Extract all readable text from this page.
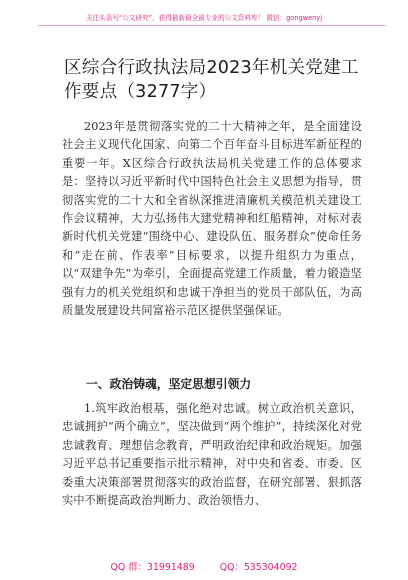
关注头条号“公文研究”，获得最新最全最专业的公文资料库！ 微信：gongwenyj
区综合行政执法局2023年机关党建工作要点（3277字）
2023年是贯彻落实党的二十大精神之年，是全面建设社会主义现代化国家、向第二个百年奋斗目标进军新征程的重要一年。X区综合行政执法局机关党建工作的总体要求是：坚持以习近平新时代中国特色社会主义思想为指导，贯彻落实党的二十大和全省纵深推进清廉机关模范机关建设工作会议精神，大力弘扬伟大建党精神和红船精神，对标对表新时代机关党建“围绕中心、建设队伍、服务群众”使命任务和“走在前、作表率”目标要求，以提升组织力为重点，以“双建争先”为牵引，全面提高党建工作质量，着力锻造坚强有力的机关党组织和忠诚干净担当的党员干部队伍，为高质量发展建设共同富裕示范区提供坚强保证。
一、政治铸魂，坚定思想引领力
1.筑牢政治根基，强化绝对忠诚。树立政治机关意识，忠诚拥护“两个确立”，坚决做到“两个维护”，持续深化对党忠诚教育、理想信念教育，严明政治纪律和政治规矩。加强习近平总书记重要指示批示精神，对中央和省委、市委、区委重大决策部署贯彻落实的政治监督，在研究部署、狠抓落实中不断提高政治判断力、政治领悟力、
QQ 群：31991489	QQ：535304092
